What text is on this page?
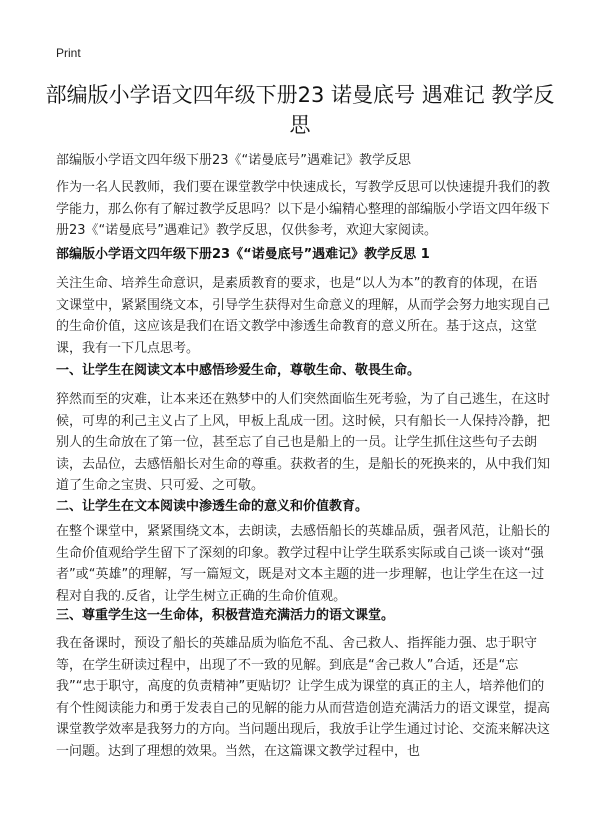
Print
部编版小学语文四年级下册23 诺曼底号 遇难记 教学反思

部编版小学语文四年级下册23《“诺曼底号”遇难记》教学反思

作为一名人民教师，我们要在课堂教学中快速成长，写教学反思可以快速提升我们的教学能力，那么你有了解过教学反思吗？以下是小编精心整理的部编版小学语文四年级下册23《“诺曼底号”遇难记》教学反思，仅供参考，欢迎大家阅读。

部编版小学语文四年级下册23《“诺曼底号”遇难记》教学反思 1

关注生命、培养生命意识，是素质教育的要求，也是“以人为本”的教育的体现，在语文课堂中，紧紧围绕文本，引导学生获得对生命意义的理解，从而学会努力地实现自己的生命价值，这应该是我们在语文教学中渗透生命教育的意义所在。基于这点，这堂课，我有一下几点思考。

一、让学生在阅读文本中感悟珍爱生命，尊敬生命、敬畏生命。

猝然而至的灾难，让本来还在熟梦中的人们突然面临生死考验，为了自己逃生，在这时候，可卑的利己主义占了上风，甲板上乱成一团。这时候，只有船长一人保持冷静，把别人的生命放在了第一位，甚至忘了自己也是船上的一员。让学生抓住这些句子去朗读，去品位，去感悟船长对生命的尊重。获救者的生，是船长的死换来的，从中我们知道了生命之宝贵、只可爱、之可敬。

二、让学生在文本阅读中渗透生命的意义和价值教育。

在整个课堂中，紧紧围绕文本，去朗读，去感悟船长的英雄品质，强者风范，让船长的生命价值观给学生留下了深刻的印象。教学过程中让学生联系实际或自己谈一谈对“强者”或“英雄”的理解，写一篇短文，既是对文本主题的进一步理解，也让学生在这一过程对自我的.反省，让学生树立正确的生命价值观。

三、尊重学生这一生命体，积极营造充满活力的语文课堂。

我在备课时，预设了船长的英雄品质为临危不乱、舍己救人、指挥能力强、忠于职守等，在学生研读过程中，出现了不一致的见解。到底是“舍己救人”合适，还是“忘我”“忠于职守，高度的负责精神”更贴切？让学生成为课堂的真正的主人，培养他们的有个性阅读能力和勇于发表自己的见解的能力从而营造创造充满活力的语文课堂，提高课堂教学效率是我努力的方向。当问题出现后，我放手让学生通过讨论、交流来解决这一问题。达到了理想的效果。当然，在这篇课文教学过程中，也
